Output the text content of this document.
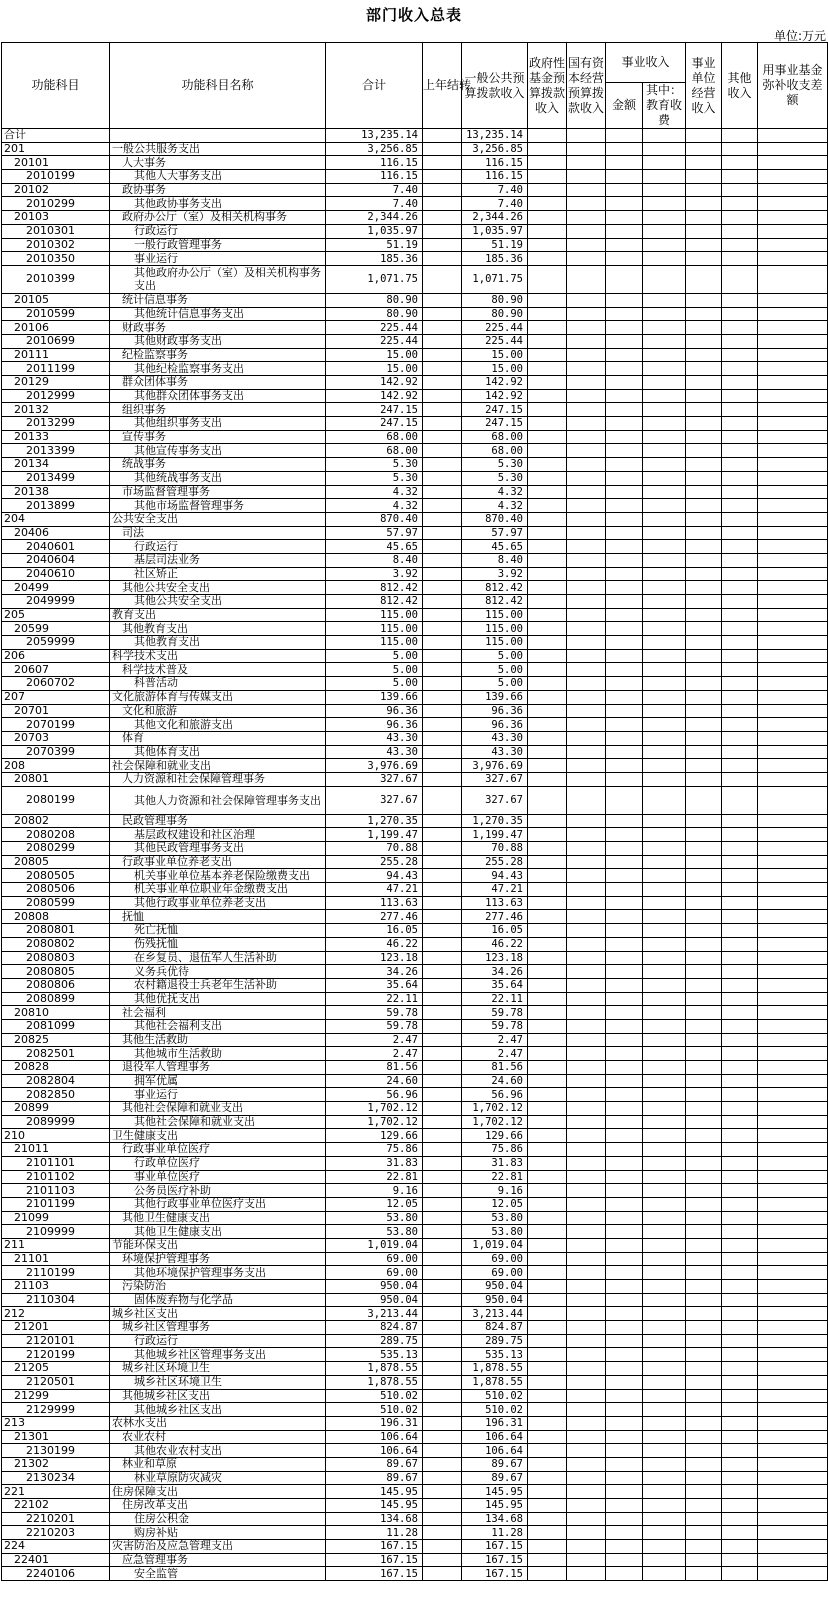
部门收入总表
单位:万元
功能科目	功能科目名称	合计	上年结转	一般公共预算拨款收入	政府性基金预算拨款收入	国有资本经营预算拨款收入	事业收入		事业单位经营收入	其他收入	用事业基金弥补收支差额
							金额	其中：教育收费			
合计		13,235.14		13,235.14							
201	一般公共服务支出	3,256.85		3,256.85							
20101	人大事务	116.15		116.15							
2010199	其他人大事务支出	116.15		116.15							
20102	政协事务	7.40		7.40							
2010299	其他政协事务支出	7.40		7.40							
20103	政府办公厅（室）及相关机构事务	2,344.26		2,344.26							
2010301	行政运行	1,035.97		1,035.97							
2010302	一般行政管理事务	51.19		51.19							
2010350	事业运行	185.36		185.36							
2010399	其他政府办公厅（室）及相关机构事务支出	1,071.75		1,071.75							
20105	统计信息事务	80.90		80.90							
2010599	其他统计信息事务支出	80.90		80.90							
20106	财政事务	225.44		225.44							
2010699	其他财政事务支出	225.44		225.44							
20111	纪检监察事务	15.00		15.00							
2011199	其他纪检监察事务支出	15.00		15.00							
20129	群众团体事务	142.92		142.92							
2012999	其他群众团体事务支出	142.92		142.92							
20132	组织事务	247.15		247.15							
2013299	其他组织事务支出	247.15		247.15							
20133	宣传事务	68.00		68.00							
2013399	其他宣传事务支出	68.00		68.00							
20134	统战事务	5.30		5.30							
2013499	其他统战事务支出	5.30		5.30							
20138	市场监督管理事务	4.32		4.32							
2013899	其他市场监督管理事务	4.32		4.32							
204	公共安全支出	870.40		870.40							
20406	司法	57.97		57.97							
2040601	行政运行	45.65		45.65							
2040604	基层司法业务	8.40		8.40							
2040610	社区矫正	3.92		3.92							
20499	其他公共安全支出	812.42		812.42							
2049999	其他公共安全支出	812.42		812.42							
205	教育支出	115.00		115.00							
20599	其他教育支出	115.00		115.00							
2059999	其他教育支出	115.00		115.00							
206	科学技术支出	5.00		5.00							
20607	科学技术普及	5.00		5.00							
2060702	科普活动	5.00		5.00							
207	文化旅游体育与传媒支出	139.66		139.66							
20701	文化和旅游	96.36		96.36							
2070199	其他文化和旅游支出	96.36		96.36							
20703	体育	43.30		43.30							
2070399	其他体育支出	43.30		43.30							
208	社会保障和就业支出	3,976.69		3,976.69							
20801	人力资源和社会保障管理事务	327.67		327.67							
2080199	其他人力资源和社会保障管理事务支出	327.67		327.67							
20802	民政管理事务	1,270.35		1,270.35							
2080208	基层政权建设和社区治理	1,199.47		1,199.47							
2080299	其他民政管理事务支出	70.88		70.88							
20805	行政事业单位养老支出	255.28		255.28							
2080505	机关事业单位基本养老保险缴费支出	94.43		94.43							
2080506	机关事业单位职业年金缴费支出	47.21		47.21							
2080599	其他行政事业单位养老支出	113.63		113.63							
20808	抚恤	277.46		277.46							
2080801	死亡抚恤	16.05		16.05							
2080802	伤残抚恤	46.22		46.22							
2080803	在乡复员、退伍军人生活补助	123.18		123.18							
2080805	义务兵优待	34.26		34.26							
2080806	农村籍退役士兵老年生活补助	35.64		35.64							
2080899	其他优抚支出	22.11		22.11							
20810	社会福利	59.78		59.78							
2081099	其他社会福利支出	59.78		59.78							
20825	其他生活救助	2.47		2.47							
2082501	其他城市生活救助	2.47		2.47							
20828	退役军人管理事务	81.56		81.56							
2082804	拥军优属	24.60		24.60							
2082850	事业运行	56.96		56.96							
20899	其他社会保障和就业支出	1,702.12		1,702.12							
2089999	其他社会保障和就业支出	1,702.12		1,702.12							
210	卫生健康支出	129.66		129.66							
21011	行政事业单位医疗	75.86		75.86							
2101101	行政单位医疗	31.83		31.83							
2101102	事业单位医疗	22.81		22.81							
2101103	公务员医疗补助	9.16		9.16							
2101199	其他行政事业单位医疗支出	12.05		12.05							
21099	其他卫生健康支出	53.80		53.80							
2109999	其他卫生健康支出	53.80		53.80							
211	节能环保支出	1,019.04		1,019.04							
21101	环境保护管理事务	69.00		69.00							
2110199	其他环境保护管理事务支出	69.00		69.00							
21103	污染防治	950.04		950.04							
2110304	固体废弃物与化学品	950.04		950.04							
212	城乡社区支出	3,213.44		3,213.44							
21201	城乡社区管理事务	824.87		824.87							
2120101	行政运行	289.75		289.75							
2120199	其他城乡社区管理事务支出	535.13		535.13							
21205	城乡社区环境卫生	1,878.55		1,878.55							
2120501	城乡社区环境卫生	1,878.55		1,878.55							
21299	其他城乡社区支出	510.02		510.02							
2129999	其他城乡社区支出	510.02		510.02							
213	农林水支出	196.31		196.31							
21301	农业农村	106.64		106.64							
2130199	其他农业农村支出	106.64		106.64							
21302	林业和草原	89.67		89.67							
2130234	林业草原防灾减灾	89.67		89.67							
221	住房保障支出	145.95		145.95							
22102	住房改革支出	145.95		145.95							
2210201	住房公积金	134.68		134.68							
2210203	购房补贴	11.28		11.28							
224	灾害防治及应急管理支出	167.15		167.15							
22401	应急管理事务	167.15		167.15							
2240106	安全监管	167.15		167.15							
